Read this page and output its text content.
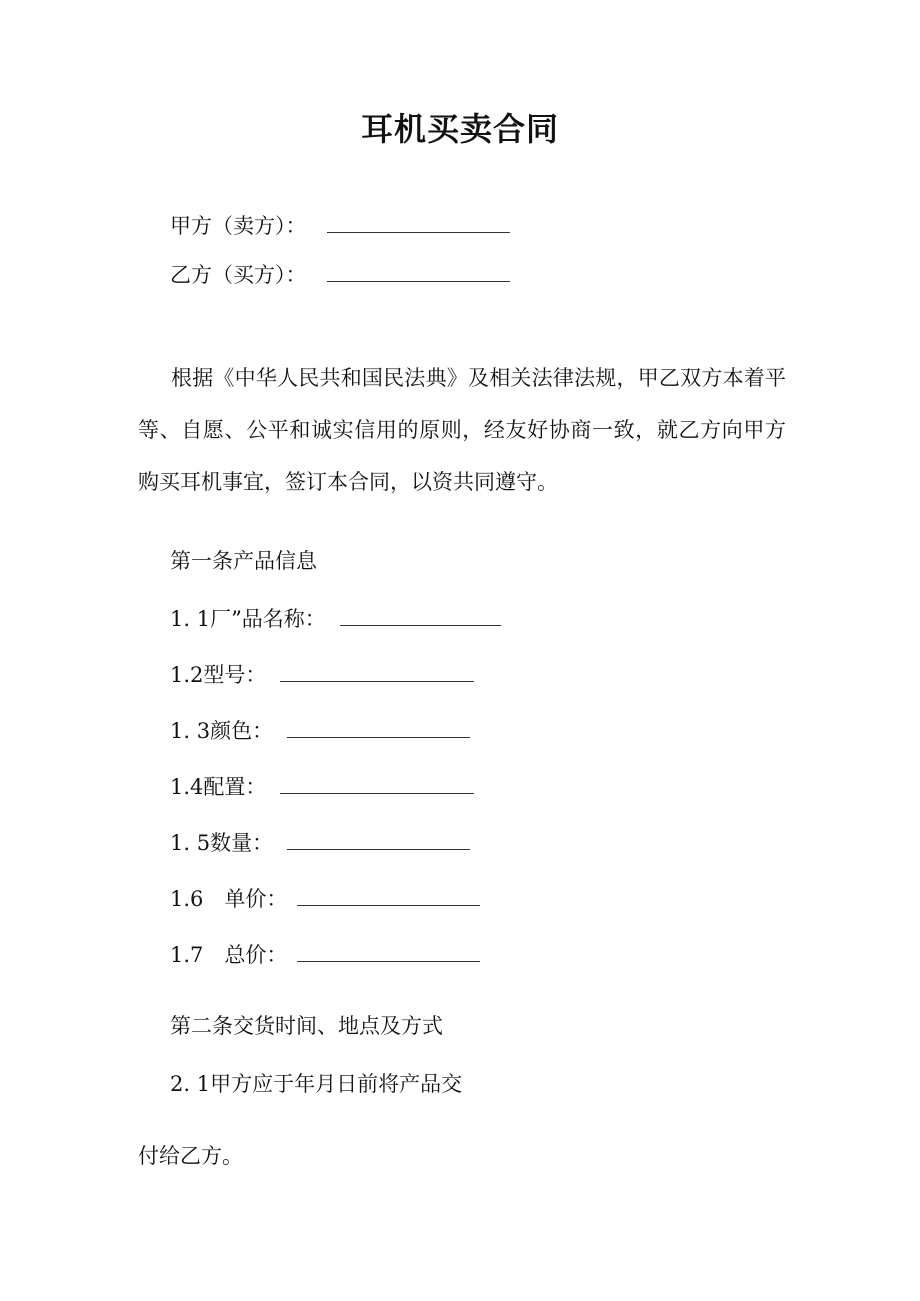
耳机买卖合同
甲方（卖方）：
乙方（买方）：
根据《中华人民共和国民法典》及相关法律法规，甲乙双方本着平等、自愿、公平和诚实信用的原则，经友好协商一致，就乙方向甲方购买耳机事宜，签订本合同，以资共同遵守。
第一条产品信息
1. 1厂”品名称：
1.2型号：
1. 3颜色：
1.4配置：
1. 5数量：
1.6　单价：
1.7　总价：
第二条交货时间、地点及方式
2. 1甲方应于年月日前将产品交
付给乙方。
